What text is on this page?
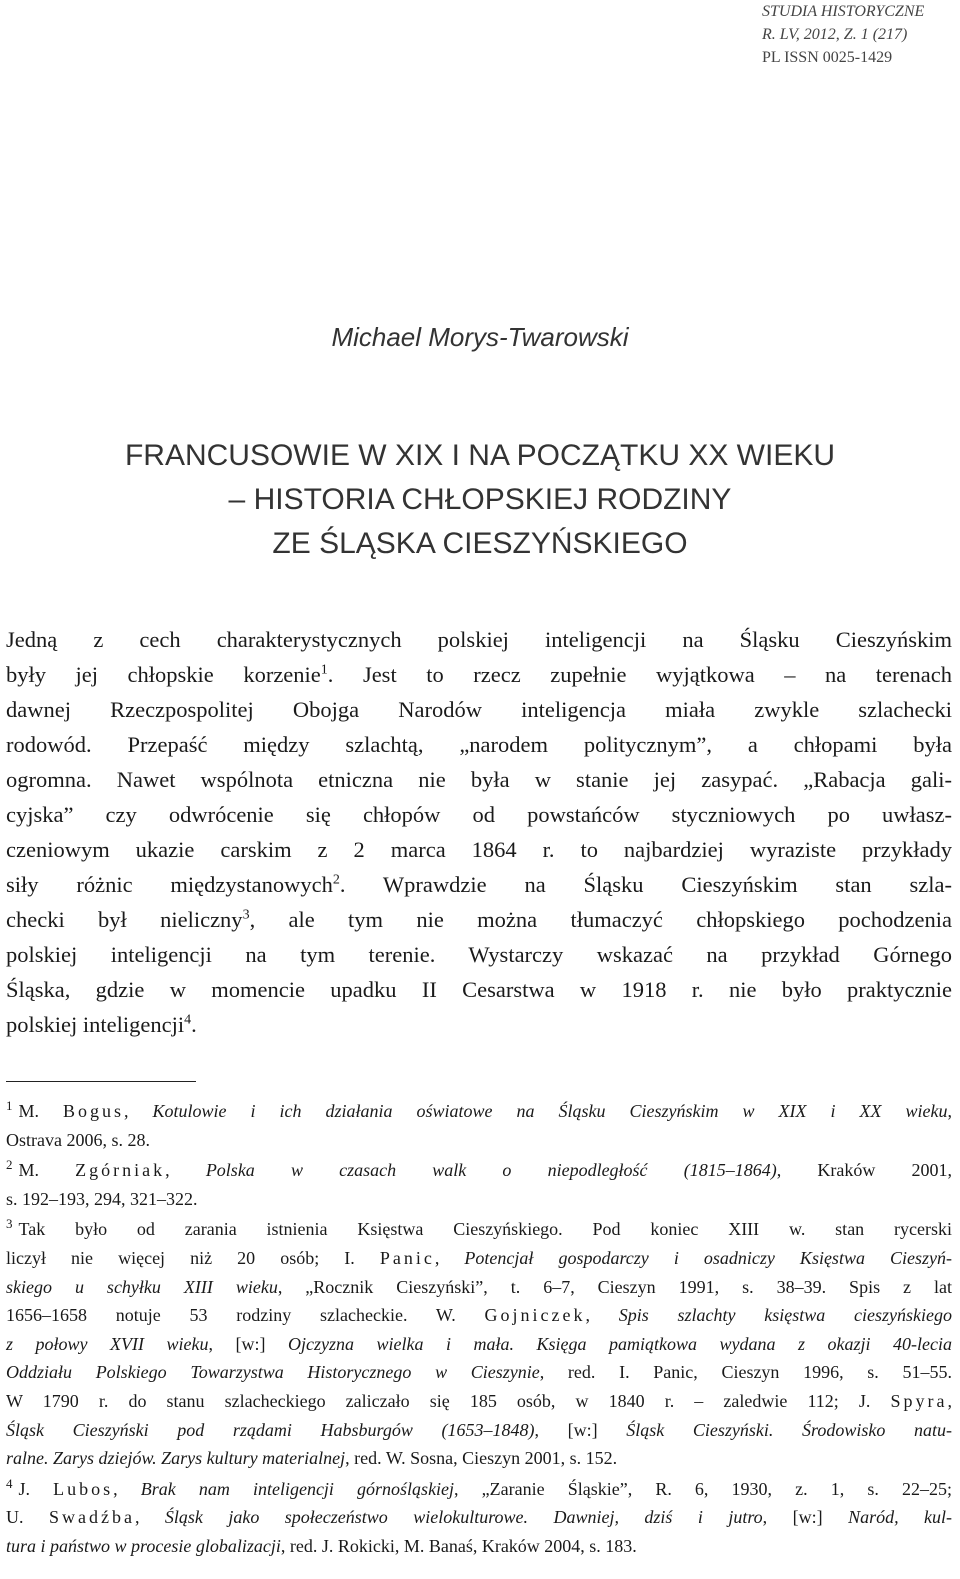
STUDIA HISTORYCZNE
R. LV, 2012, Z. 1 (217)
PL ISSN 0025-1429
Michael Morys-Twarowski
FRANCUSOWIE W XIX I NA POCZĄTKU XX WIEKU
– HISTORIA CHŁOPSKIEJ RODZINY
ZE ŚLĄSKA CIESZYŃSKIEGO
Jedną z cech charakterystycznych polskiej inteligencji na Śląsku Cieszyńskim
były jej chłopskie korzenie$^1$. Jest to rzecz zupełnie wyjątkowa – na terenach
dawnej Rzeczpospolitej Obojga Narodów inteligencja miała zwykle szlachecki
rodowód. Przepaść między szlachtą, „narodem politycznym”, a chłopami była
ogromna. Nawet wspólnota etniczna nie była w stanie jej zasypać. „Rabacja gali-
cyjska” czy odwrócenie się chłopów od powstańców styczniowych po uwłasz-
czeniowym ukazie carskim z 2 marca 1864 r. to najbardziej wyraziste przykłady
siły różnic międzystanowych$^2$. Wprawdzie na Śląsku Cieszyńskim stan szla-
checki był nieliczny$^3$, ale tym nie można tłumaczyć chłopskiego pochodzenia
polskiej inteligencji na tym terenie. Wystarczy wskazać na przykład Górnego
Śląska, gdzie w momencie upadku II Cesarstwa w 1918 r. nie było praktycznie
polskiej inteligencji$^4$.
$^1$ M. Bogus, Kotulowie i ich działania oświatowe na Śląsku Cieszyńskim w XIX i XX wieku,
Ostrava 2006, s. 28.
$^2$ M. Zgórniak, Polska w czasach walk o niepodległość (1815–1864), Kraków 2001,
s. 192–193, 294, 321–322.
$^3$ Tak było od zarania istnienia Księstwa Cieszyńskiego. Pod koniec XIII w. stan rycerski
liczył nie więcej niż 20 osób; I. Panic, Potencjał gospodarczy i osadniczy Księstwa Cieszyń-
skiego u schyłku XIII wieku, „Rocznik Cieszyński”, t. 6–7, Cieszyn 1991, s. 38–39. Spis z lat
1656–1658 notuje 53 rodziny szlacheckie. W. Gojniczek, Spis szlachty księstwa cieszyńskiego
z połowy XVII wieku, [w:] Ojczyzna wielka i mała. Księga pamiątkowa wydana z okazji 40-lecia
Oddziału Polskiego Towarzystwa Historycznego w Cieszynie, red. I. Panic, Cieszyn 1996, s. 51–55.
W 1790 r. do stanu szlacheckiego zaliczało się 185 osób, w 1840 r. – zaledwie 112; J. Spyra,
Śląsk Cieszyński pod rządami Habsburgów (1653–1848), [w:] Śląsk Cieszyński. Środowisko natu-
ralne. Zarys dziejów. Zarys kultury materialnej, red. W. Sosna, Cieszyn 2001, s. 152.
$^4$ J. Lubos, Brak nam inteligencji górnośląskiej, „Zaranie Śląskie”, R. 6, 1930, z. 1, s. 22–25;
U. Swadźba, Śląsk jako społeczeństwo wielokulturowe. Dawniej, dziś i jutro, [w:] Naród, kul-
tura i państwo w procesie globalizacji, red. J. Rokicki, M. Banaś, Kraków 2004, s. 183.
